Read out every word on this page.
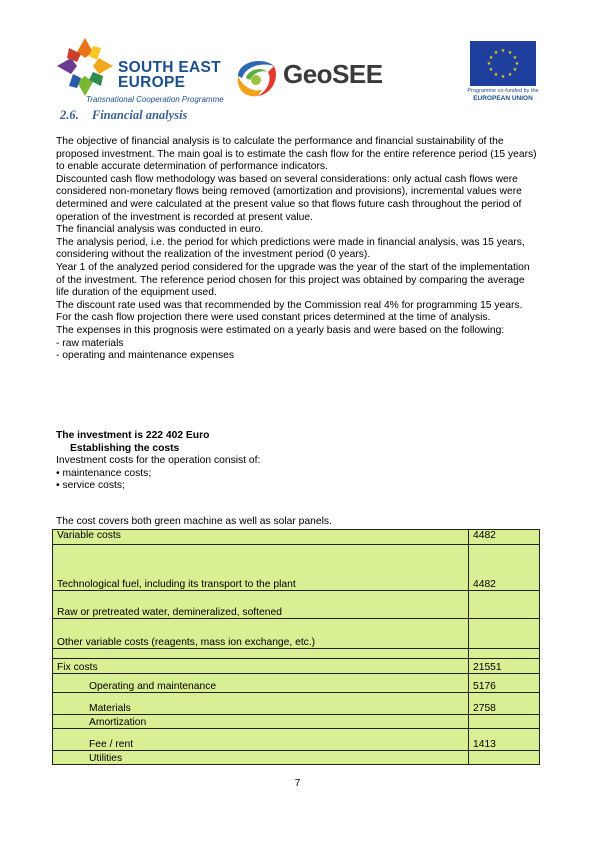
SOUTH EAST
EUROPE
Transnational Cooperation Programme
GeoSEE
★ ★
★
★
★
★
★
★
★
★
★
★
Programme co-funded by the
EUROPEAN UNION
2.6. Financial analysis

The objective of financial analysis is to calculate the performance and financial sustainability of the proposed investment. The main goal is to estimate the cash flow for the entire reference period (15 years) to enable accurate determination of performance indicators.

Discounted cash flow methodology was based on several considerations: only actual cash flows were considered non-monetary flows being removed (amortization and provisions), incremental values were determined and were calculated at the present value so that flows future cash throughout the period of operation of the investment is recorded at present value.

The financial analysis was conducted in euro.

The analysis period, i.e. the period for which predictions were made in financial analysis, was 15 years, considering without the realization of the investment period (0 years).

Year 1 of the analyzed period considered for the upgrade was the year of the start of the implementation of the investment. The reference period chosen for this project was obtained by comparing the average life duration of the equipment used.

The discount rate used was that recommended by the Commission real 4% for programming 15 years. For the cash flow projection there were used constant prices determined at the time of analysis.

The expenses in this prognosis were estimated on a yearly basis and were based on the following:

- raw materials

- operating and maintenance expenses

The investment is 222 402 Euro

Establishing the costs

Investment costs for the operation consist of:

• maintenance costs;

• service costs;

The cost covers both green machine as well as solar panels.
Variable costs	4482
Technological fuel, including its transport to the plant	4482
Raw or pretreated water, demineralized, softened	
Other variable costs (reagents, mass ion exchange, etc.)	

Fix costs	21551
Operating and maintenance	5176
Materials	2758
Amortization	
Fee / rent	1413
Utilities	
7
